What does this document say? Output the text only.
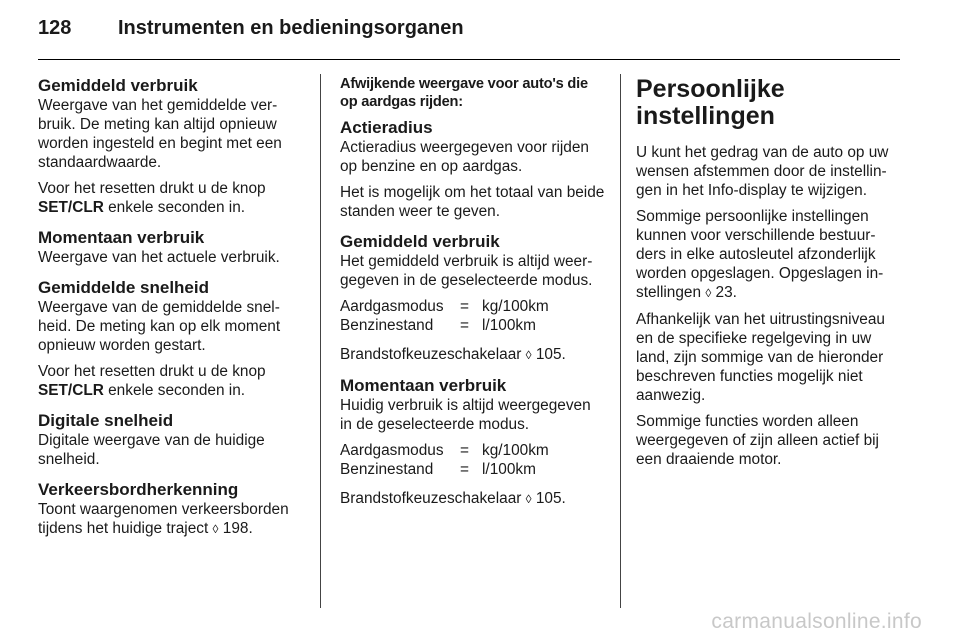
128 Instrumenten en bedieningsorganen
Gemiddeld verbruik

Weergave van het gemiddelde ver‐ bruik. De meting kan altijd opnieuw worden ingesteld en begint met een standaardwaarde.

Voor het resetten drukt u de knop SET/CLR enkele seconden in.

Momentaan verbruik

Weergave van het actuele verbruik.

Gemiddelde snelheid

Weergave van de gemiddelde snel‐ heid. De meting kan op elk moment opnieuw worden gestart.

Voor het resetten drukt u de knop SET/CLR enkele seconden in.

Digitale snelheid

Digitale weergave van de huidige snelheid.

Verkeersbordherkenning

Toont waargenomen verkeersborden tijdens het huidige traject ◊ 198.

Afwijkende weergave voor auto's die op aardgas rijden:
Actieradius

Actieradius weergegeven voor rijden op benzine en op aardgas.

Het is mogelijk om het totaal van beide standen weer te geven.

Gemiddeld verbruik

Het gemiddeld verbruik is altijd weer‐ gegeven in de geselecteerde modus.

Aardgasmodus	=	kg/100km
Benzinestand	=	l/100km

Brandstofkeuzeschakelaar ◊ 105.

Momentaan verbruik

Huidig verbruik is altijd weergegeven in de geselecteerde modus.

Aardgasmodus	=	kg/100km
Benzinestand	=	l/100km

Brandstofkeuzeschakelaar ◊ 105.

Persoonlijke
instellingen

U kunt het gedrag van de auto op uw wensen afstemmen door de instellin‐ gen in het Info-display te wijzigen.

Sommige persoonlijke instellingen kunnen voor verschillende bestuur‐ ders in elke autosleutel afzonderlijk worden opgeslagen. Opgeslagen in‐ stellingen ◊ 23.

Afhankelijk van het uitrustingsniveau en de specifieke regelgeving in uw land, zijn sommige van de hieronder beschreven functies mogelijk niet aanwezig.

Sommige functies worden alleen weergegeven of zijn alleen actief bij een draaiende motor.

carmanualsonline.info
